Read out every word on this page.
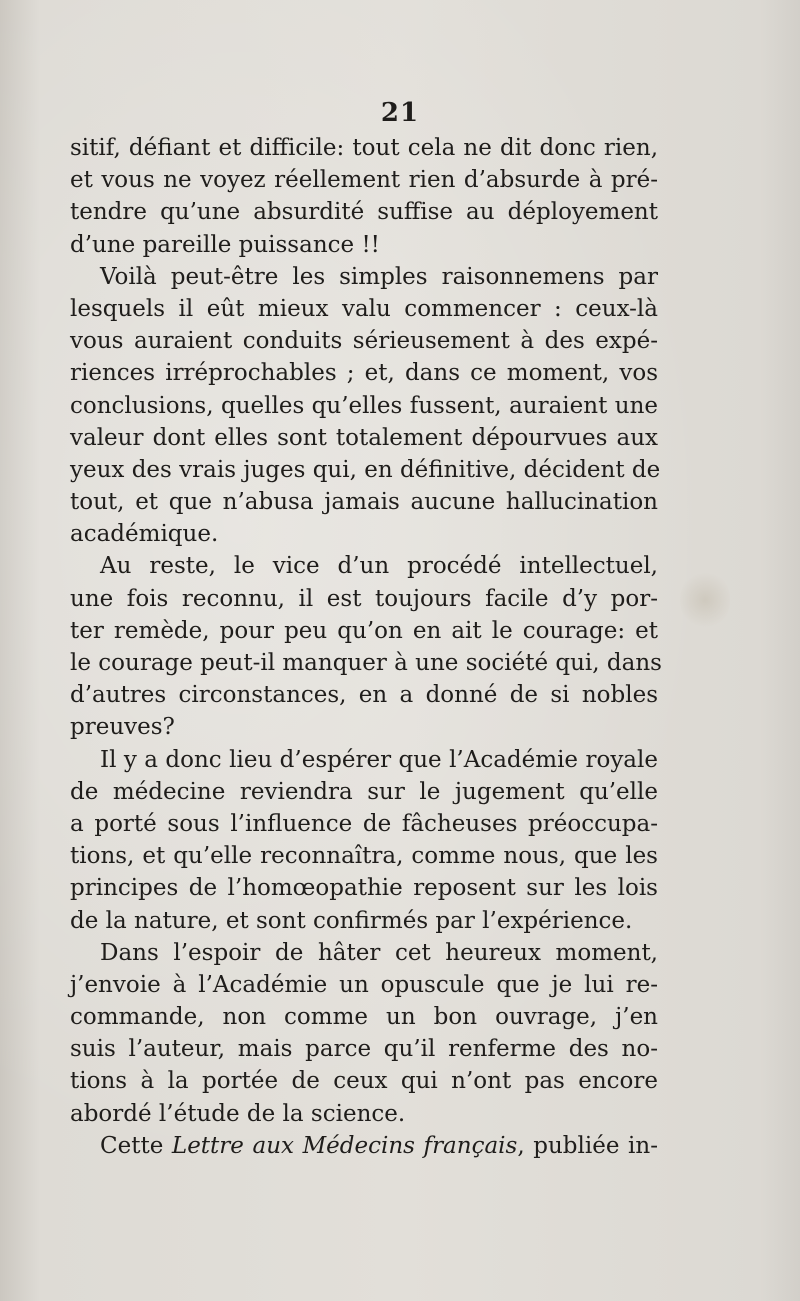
21
sitif, défiant et difficile: tout cela ne dit donc rien,
et vous ne voyez réellement rien d’absurde à pré-
tendre qu’une absurdité suffise au déployement
d’une pareille puissance !!
Voilà peut-être les simples raisonnemens par
lesquels il eût mieux valu commencer : ceux-là
vous auraient conduits sérieusement à des expé-
riences irréprochables ; et, dans ce moment, vos
conclusions, quelles qu’elles fussent, auraient une
valeur dont elles sont totalement dépourvues aux
yeux des vrais juges qui, en définitive, décident de
tout, et que n’abusa jamais aucune hallucination
académique.
Au reste, le vice d’un procédé intellectuel,
une fois reconnu, il est toujours facile d’y por-
ter remède, pour peu qu’on en ait le courage: et
le courage peut-il manquer à une société qui, dans
d’autres circonstances, en a donné de si nobles
preuves?
Il y a donc lieu d’espérer que l’Académie royale
de médecine reviendra sur le jugement qu’elle
a porté sous l’influence de fâcheuses préoccupa-
tions, et qu’elle reconnaîtra, comme nous, que les
principes de l’homœopathie reposent sur les lois
de la nature, et sont confirmés par l’expérience.
Dans l’espoir de hâter cet heureux moment,
j’envoie à l’Académie un opuscule que je lui re-
commande, non comme un bon ouvrage, j’en
suis l’auteur, mais parce qu’il renferme des no-
tions à la portée de ceux qui n’ont pas encore
abordé l’étude de la science.
Cette Lettre aux Médecins français, publiée in-
